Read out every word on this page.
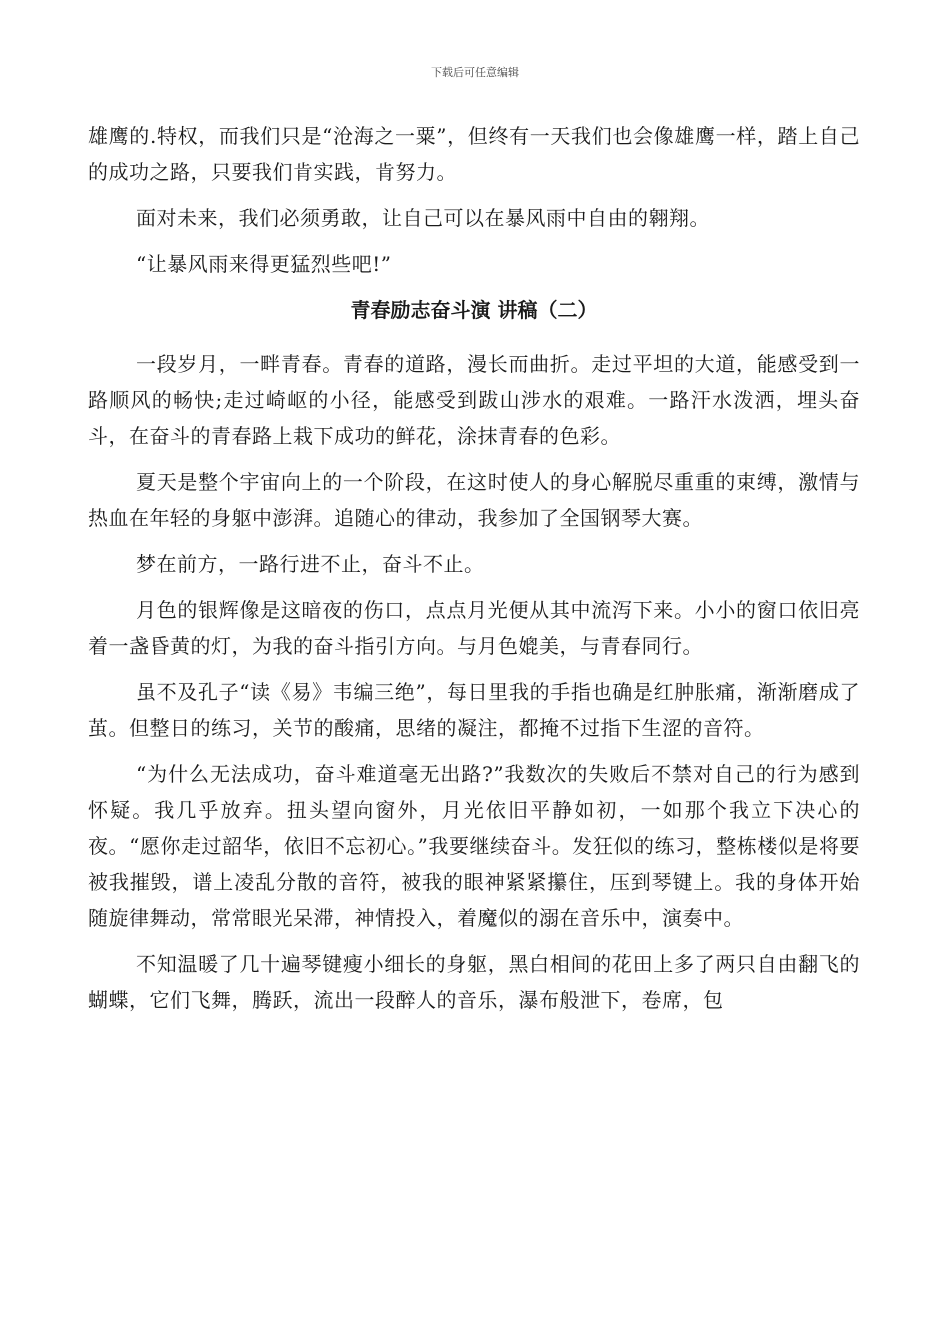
下载后可任意编辑

雄鹰的.特权，而我们只是“沧海之一粟”，但终有一天我们也会像雄鹰一样，踏上自己的成功之路，只要我们肯实践，肯努力。

面对未来，我们必须勇敢，让自己可以在暴风雨中自由的翱翔。

“让暴风雨来得更猛烈些吧!”

青春励志奋斗演 讲稿（二）

一段岁月，一畔青春。青春的道路，漫长而曲折。走过平坦的大道，能感受到一路顺风的畅快;走过崎岖的小径，能感受到跋山涉水的艰难。一路汗水泼洒，埋头奋斗，在奋斗的青春路上栽下成功的鲜花，涂抹青春的色彩。

夏天是整个宇宙向上的一个阶段，在这时使人的身心解脱尽重重的束缚，激情与热血在年轻的身躯中澎湃。追随心的律动，我参加了全国钢琴大赛。

梦在前方，一路行进不止，奋斗不止。

月色的银辉像是这暗夜的伤口，点点月光便从其中流泻下来。小小的窗口依旧亮着一盏昏黄的灯，为我的奋斗指引方向。与月色媲美，与青春同行。

虽不及孔子“读《易》韦编三绝”，每日里我的手指也确是红肿胀痛，渐渐磨成了茧。但整日的练习，关节的酸痛，思绪的凝注，都掩不过指下生涩的音符。

“为什么无法成功，奋斗难道毫无出路?”我数次的失败后不禁对自己的行为感到怀疑。我几乎放弃。扭头望向窗外，月光依旧平静如初，一如那个我立下决心的夜。“愿你走过韶华，依旧不忘初心。”我要继续奋斗。发狂似的练习，整栋楼似是将要被我摧毁，谱上凌乱分散的音符，被我的眼神紧紧攥住，压到琴键上。我的身体开始随旋律舞动，常常眼光呆滞，神情投入，着魔似的溺在音乐中，演奏中。

不知温暖了几十遍琴键瘦小细长的身躯，黑白相间的花田上多了两只自由翻飞的蝴蝶，它们飞舞，腾跃，流出一段醉人的音乐，瀑布般泄下，卷席，包
